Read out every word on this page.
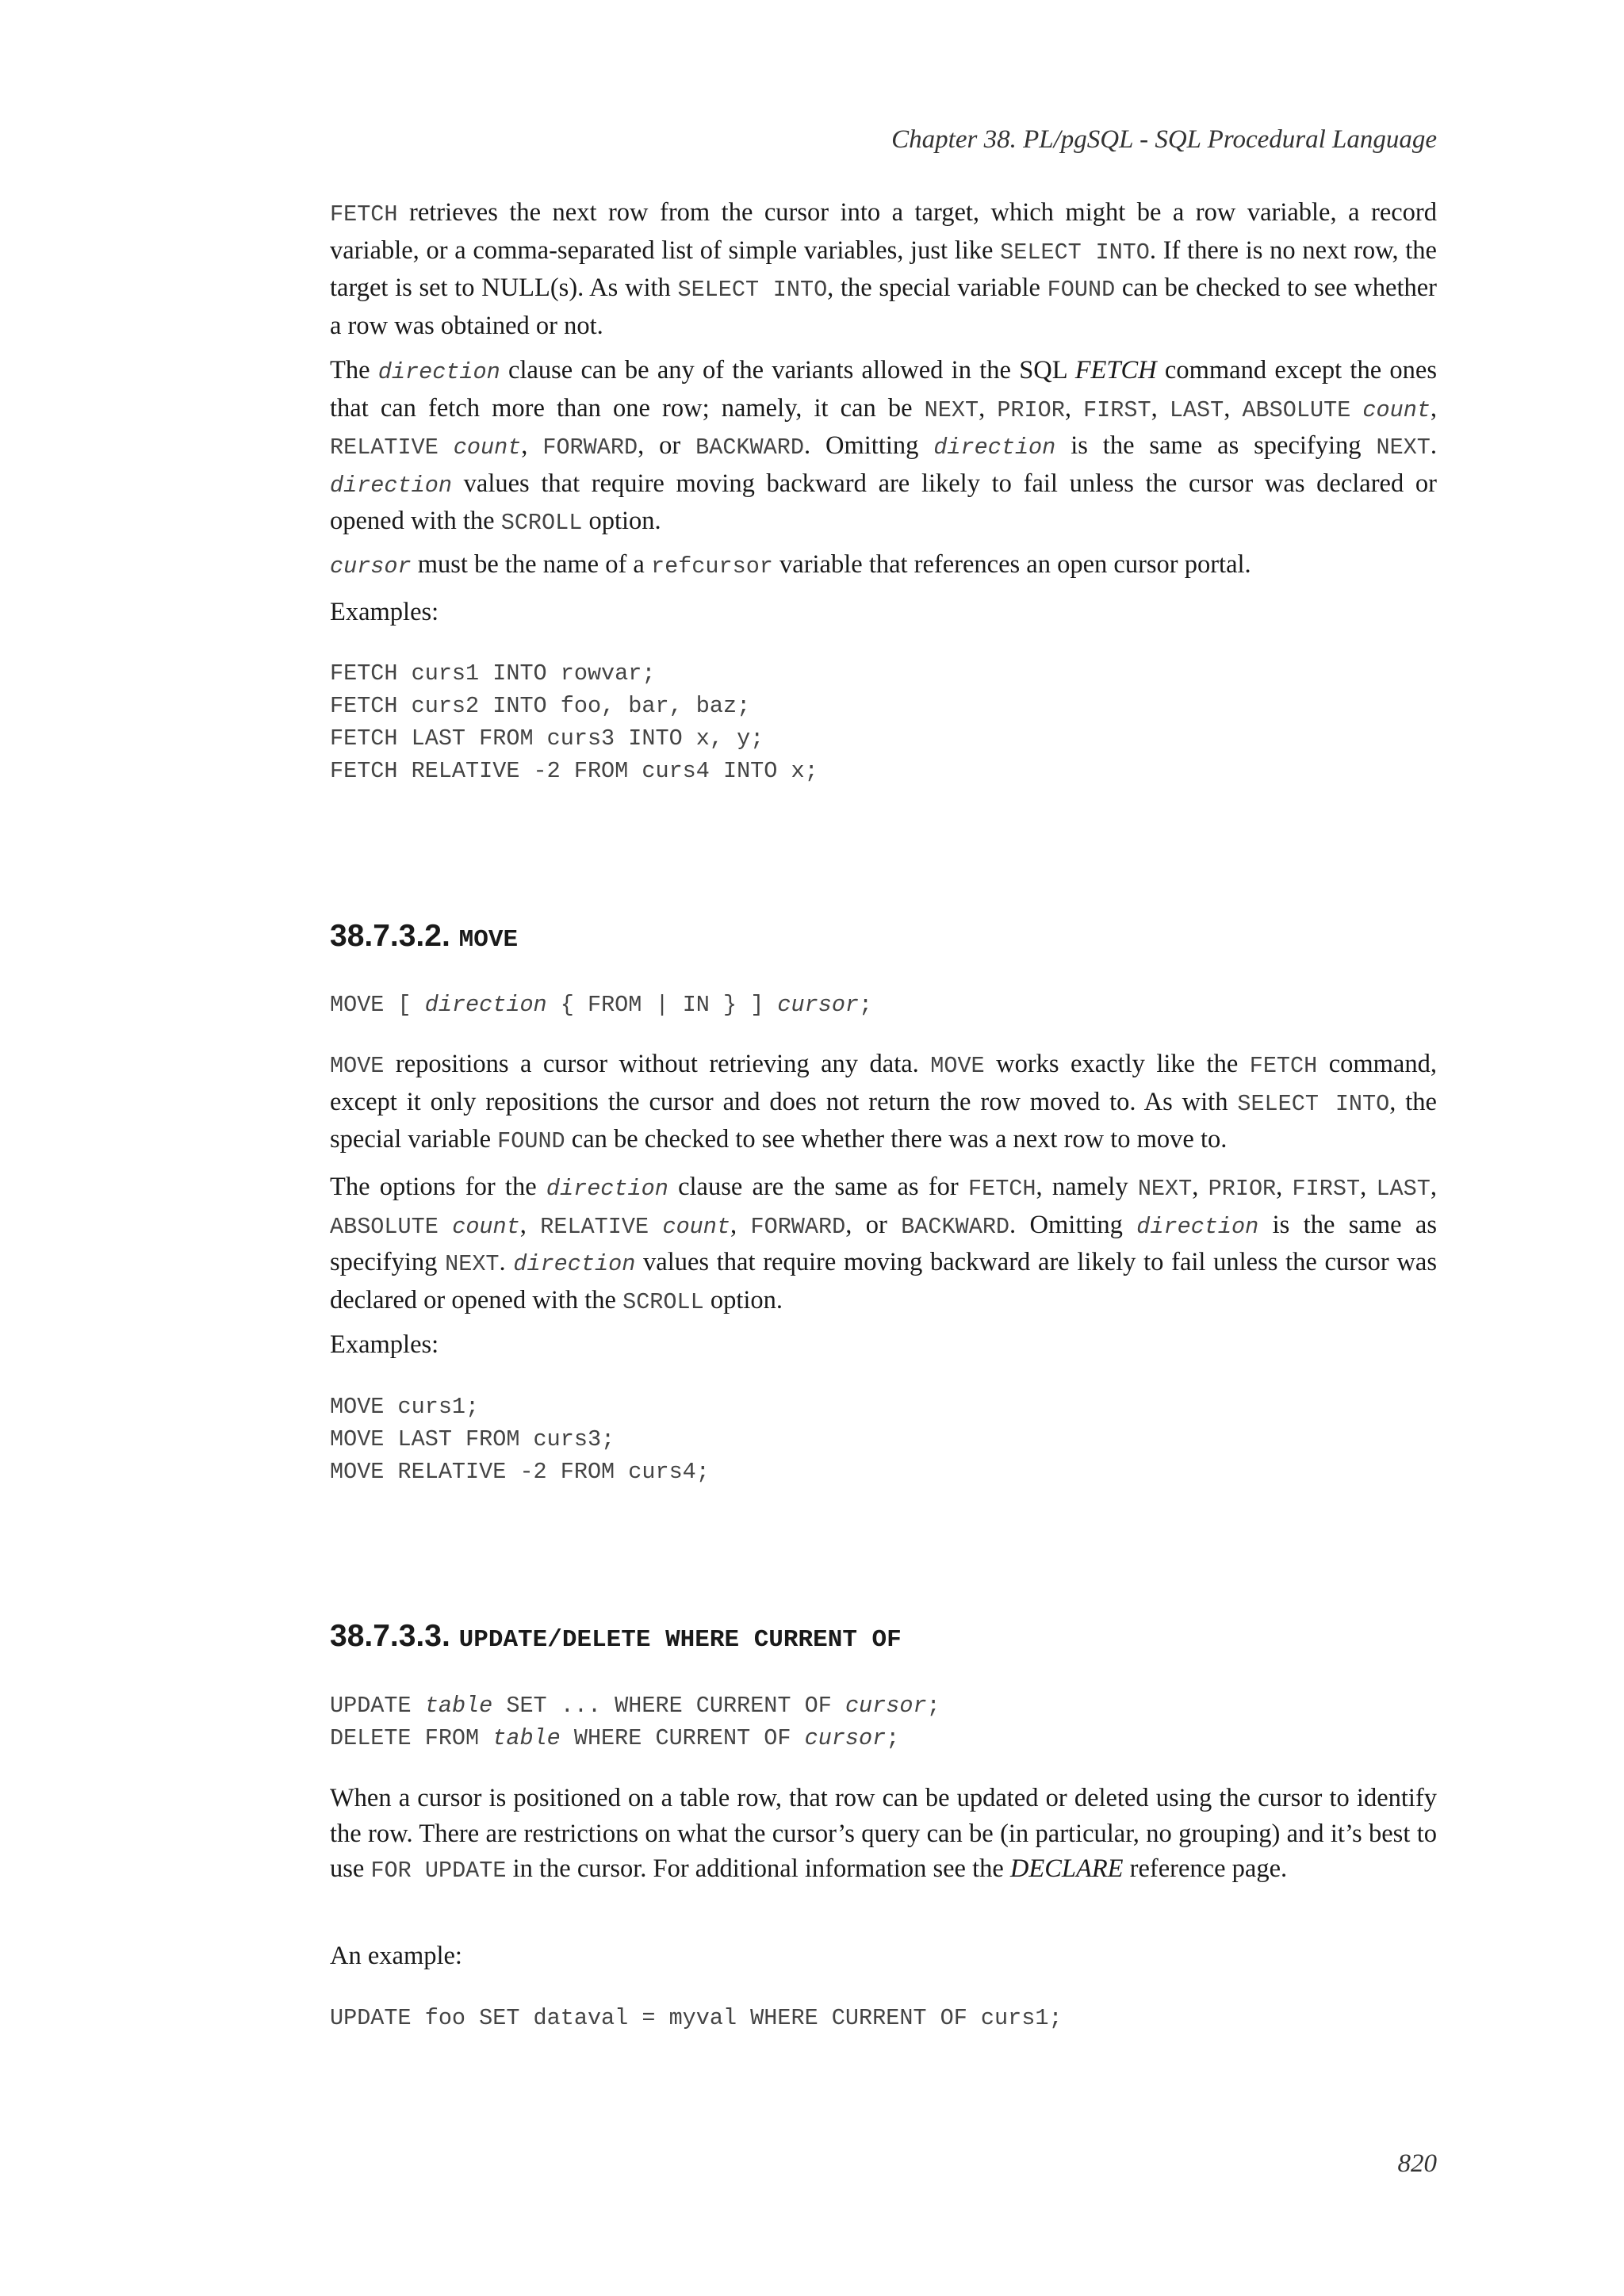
Chapter 38. PL/pgSQL - SQL Procedural Language

FETCH retrieves the next row from the cursor into a target, which might be a row variable, a record variable, or a comma-separated list of simple variables, just like SELECT INTO. If there is no next row, the target is set to NULL(s). As with SELECT INTO, the special variable FOUND can be checked to see whether a row was obtained or not.

The direction clause can be any of the variants allowed in the SQL FETCH command except the ones that can fetch more than one row; namely, it can be NEXT, PRIOR, FIRST, LAST, ABSOLUTE count, RELATIVE count, FORWARD, or BACKWARD. Omitting direction is the same as specifying NEXT. direction values that require moving backward are likely to fail unless the cursor was declared or opened with the SCROLL option.

cursor must be the name of a refcursor variable that references an open cursor portal.

Examples:

FETCH curs1 INTO rowvar;
FETCH curs2 INTO foo, bar, baz;
FETCH LAST FROM curs3 INTO x, y;
FETCH RELATIVE -2 FROM curs4 INTO x;
38.7.3.2. MOVE
MOVE [ direction { FROM | IN } ] cursor;

MOVE repositions a cursor without retrieving any data. MOVE works exactly like the FETCH command, except it only repositions the cursor and does not return the row moved to. As with SELECT INTO, the special variable FOUND can be checked to see whether there was a next row to move to.

The options for the direction clause are the same as for FETCH, namely NEXT, PRIOR, FIRST, LAST, ABSOLUTE count, RELATIVE count, FORWARD, or BACKWARD. Omitting direction is the same as specifying NEXT. direction values that require moving backward are likely to fail unless the cursor was declared or opened with the SCROLL option.

Examples:

MOVE curs1;
MOVE LAST FROM curs3;
MOVE RELATIVE -2 FROM curs4;
38.7.3.3. UPDATE/DELETE WHERE CURRENT OF
UPDATE table SET ... WHERE CURRENT OF cursor;
DELETE FROM table WHERE CURRENT OF cursor;

When a cursor is positioned on a table row, that row can be updated or deleted using the cursor to identify the row. There are restrictions on what the cursor’s query can be (in particular, no grouping) and it’s best to use FOR UPDATE in the cursor. For additional information see the DECLARE reference page.

An example:

UPDATE foo SET dataval = myval WHERE CURRENT OF curs1;
820
